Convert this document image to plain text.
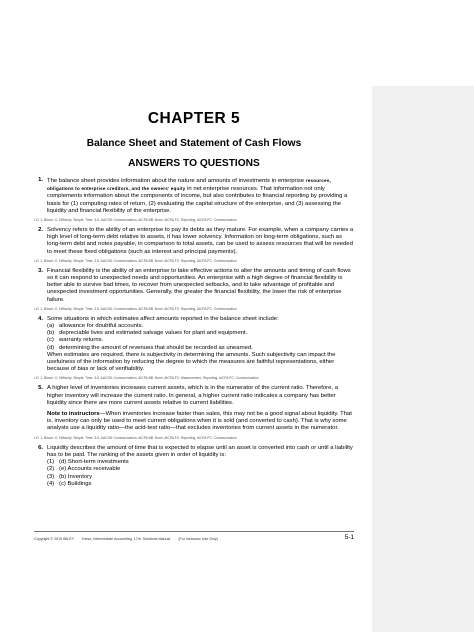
CHAPTER 5
Balance Sheet and Statement of Cash Flows
ANSWERS TO QUESTIONS
1. The balance sheet provides information about the nature and amounts of investments in enterprise resources, obligations to enterprise creditors, and the owners' equity in net enterprise resources. That information not only complements information about the components of income, but also contributes to financial reporting by providing a basis for (1) computing rates of return, (2) evaluating the capital structure of the enterprise, and (3) assessing the liquidity and financial flexibility of the enterprise.

LO: 1, Bloom: K, Difficulty: Simple, Time: 3-5, AACSB: Communication, AICPA BB: None, AICPA FC: Reporting, AICPA PC: Communication
2. Solvency refers to the ability of an enterprise to pay its debts as they mature. For example, when a company carries a high level of long-term debt relative to assets, it has lower solvency. Information on long-term obligations, such as long-term debt and notes payable, in comparison to total assets, can be used to assess resources that will be needed to meet these fixed obligations (such as interest and principal payments).

LO: 1, Bloom: K, Difficulty: Simple, Time: 3-5, AACSB: Communication, AICPA BB: None, AICPA FC: Reporting, AICPA PC: Communication
3. Financial flexibility is the ability of an enterprise to take effective actions to alter the amounts and timing of cash flows so it can respond to unexpected needs and opportunities. An enterprise with a high degree of financial flexibility is better able to survive bad times, to recover from unexpected setbacks, and to take advantage of profitable and unexpected investment opportunities. Generally, the greater the financial flexibility, the lower the risk of enterprise failure.

LO: 1, Bloom: K, Difficulty: Simple, Time: 3-5, AACSB: Communication, AICPA BB: None, AICPA FC: Reporting, AICPA PC: Communication
4. Some situations in which estimates affect amounts reported in the balance sheet include:

(a) allowance for doubtful accounts.
(b) depreciable lives and estimated salvage values for plant and equipment.
(c) warranty returns.
(d) determining the amount of revenues that should be recorded as unearned.

When estimates are required, there is subjectivity in determining the amounts. Such subjectivity can impact the usefulness of the information by reducing the degree to which the measures are faithful representations, either because of bias or lack of verifiability.

LO: 1, Bloom: K, Difficulty: Simple, Time: 3-5, AACSB: Communication, AICPA BB: None, AICPA FC: Measurement, Reporting, AICPA PC: Communication
5. A higher level of inventories increases current assets, which is in the numerator of the current ratio. Therefore, a higher inventory will increase the current ratio. In general, a higher current ratio indicates a company has better liquidity since there are more current assets relative to current liabilities.

Note to instructors—When inventories increase faster than sales, this may not be a good signal about liquidity. That is, inventory can only be used to meet current obligations when it is sold (and converted to cash). That is why some analysts use a liquidity ratio—the acid-test ratio—that excludes inventories from current assets in the numerator.

LO: 1, Bloom: K, Difficulty: Simple, Time: 3-5, AACSB: Communication, AICPA BB: None, AICPA FC: Reporting, AICPA PC: Communication
6. Liquidity describes the amount of time that is expected to elapse until an asset is converted into cash or until a liability has to be paid. The ranking of the assets given in order of liquidity is:

(1) (d) Short-term investments
(2) (e) Accounts receivable
(3) (b) Inventory
(4) (c) Buildings
Copyright © 2019 WILEY Kieso, Intermediate Accounting, 17/e, Solutions Manual (For Instructor Use Only)	5-1
